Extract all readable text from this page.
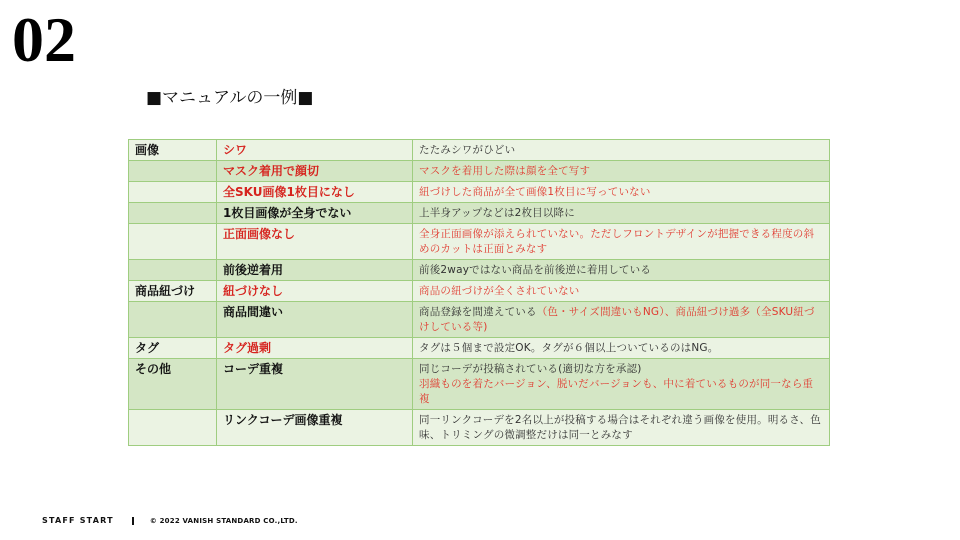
02
■マニュアルの一例■
画像	シワ	たたみシワがひどい
	マスク着用で顔切	マスクを着用した際は顔を全て写す
	全SKU画像1枚目になし	紐づけした商品が全て画像1枚目に写っていない
	1枚目画像が全身でない	上半身アップなどは2枚目以降に
	正面画像なし	全身正面画像が添えられていない。ただしフロントデザインが把握できる程度の斜めのカットは正面とみなす
	前後逆着用	前後2wayではない商品を前後逆に着用している
商品紐づけ	紐づけなし	商品の紐づけが全くされていない
	商品間違い	商品登録を間違えている（色・サイズ間違いもNG）、商品紐づけ過多（全SKU紐づけしている等)
タグ	タグ過剰	タグは５個まで設定OK。タグが６個以上ついているのはNG。
その他	コーデ重複	同じコーデが投稿されている(適切な方を承認)
羽織ものを着たバージョン、脱いだバージョンも、中に着ているものが同一なら重複

	リンクコーデ画像重複	同一リンクコーデを2名以上が投稿する場合はそれぞれ違う画像を使用。明るさ、色味、トリミングの微調整だけは同一とみなす
STAFF START	© 2022 VANISH STANDARD CO.,LTD.
